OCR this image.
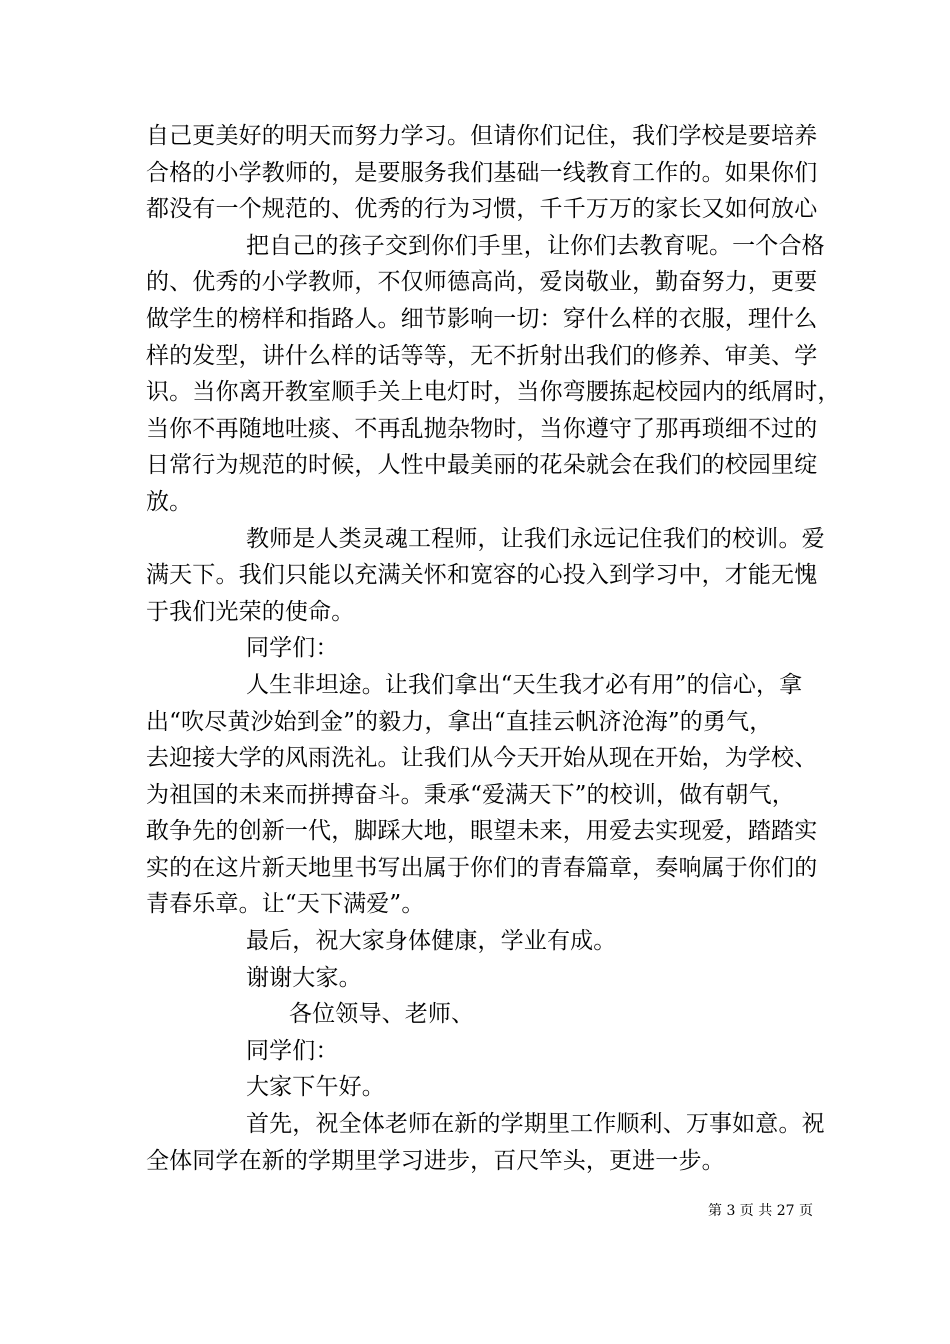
自己更美好的明天而努力学习。但请你们记住，我们学校是要培养
合格的小学教师的，是要服务我们基础一线教育工作的。如果你们
都没有一个规范的、优秀的行为习惯，千千万万的家长又如何放心
把自己的孩子交到你们手里，让你们去教育呢。一个合格
的、优秀的小学教师，不仅师德高尚，爱岗敬业，勤奋努力，更要
做学生的榜样和指路人。细节影响一切：穿什么样的衣服，理什么
样的发型，讲什么样的话等等，无不折射出我们的修养、审美、学
识。当你离开教室顺手关上电灯时，当你弯腰拣起校园内的纸屑时，
当你不再随地吐痰、不再乱抛杂物时，当你遵守了那再琐细不过的
日常行为规范的时候，人性中最美丽的花朵就会在我们的校园里绽
放。
教师是人类灵魂工程师，让我们永远记住我们的校训。爱
满天下。我们只能以充满关怀和宽容的心投入到学习中，才能无愧
于我们光荣的使命。
同学们：
人生非坦途。让我们拿出“天生我才必有用”的信心，拿
出“吹尽黄沙始到金”的毅力，拿出“直挂云帆济沧海”的勇气，
去迎接大学的风雨洗礼。让我们从今天开始从现在开始，为学校、
为祖国的未来而拼搏奋斗。秉承“爱满天下”的校训，做有朝气，
敢争先的创新一代，脚踩大地，眼望未来，用爱去实现爱，踏踏实
实的在这片新天地里书写出属于你们的青春篇章，奏响属于你们的
青春乐章。让“天下满爱”。
最后，祝大家身体健康，学业有成。
谢谢大家。
各位领导、老师、
同学们：
大家下午好。
首先，祝全体老师在新的学期里工作顺利、万事如意。祝
全体同学在新的学期里学习进步，百尺竿头，更进一步。
第 3 页 共 27 页
